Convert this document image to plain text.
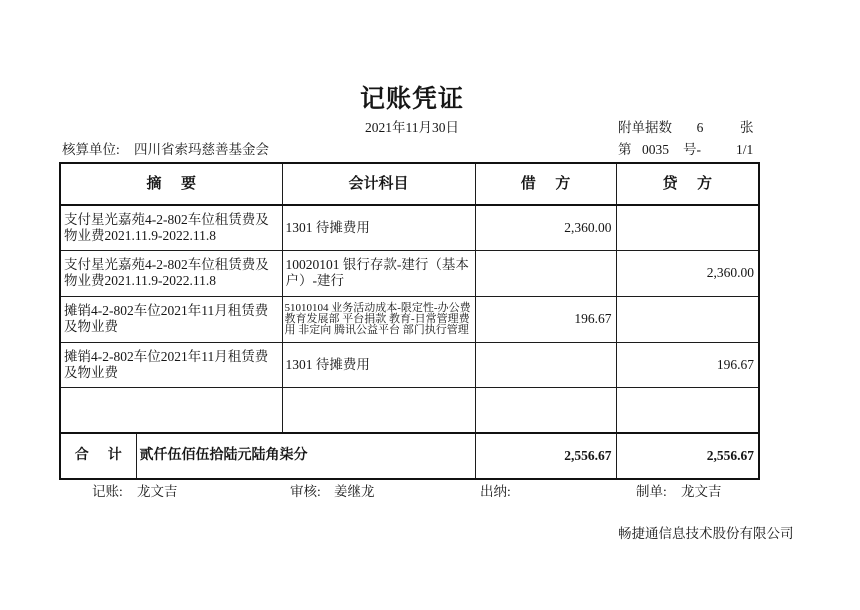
记账凭证
2021年11月30日	附单据数 6	张
核算单位: 四川省索玛慈善基金会	第 0035 号-	1/1
摘  要		会计科目	借  方	贷  方
支付星光嘉苑4-2-802车位租赁费及物业费2021.11.9-2022.11.8		1301 待摊费用	2,360.00	
支付星光嘉苑4-2-802车位租赁费及物业费2021.11.9-2022.11.8		10020101 银行存款-建行（基本户）-建行		2,360.00
摊销4-2-802车位2021年11月租赁费及物业费		51010104 业务活动成本-限定性-办公费 教育发展部 平台捐款 教育-日常管理费用 非定向 腾讯公益平台 部门执行管理	196.67	
摊销4-2-802车位2021年11月租赁费及物业费		1301 待摊费用		196.67

合  计	贰仟伍佰伍拾陆元陆角柒分		2,556.67	2,556.67
记账: 龙文吉	审核: 姜继龙	出纳:	制单: 龙文吉
畅捷通信息技术股份有限公司
